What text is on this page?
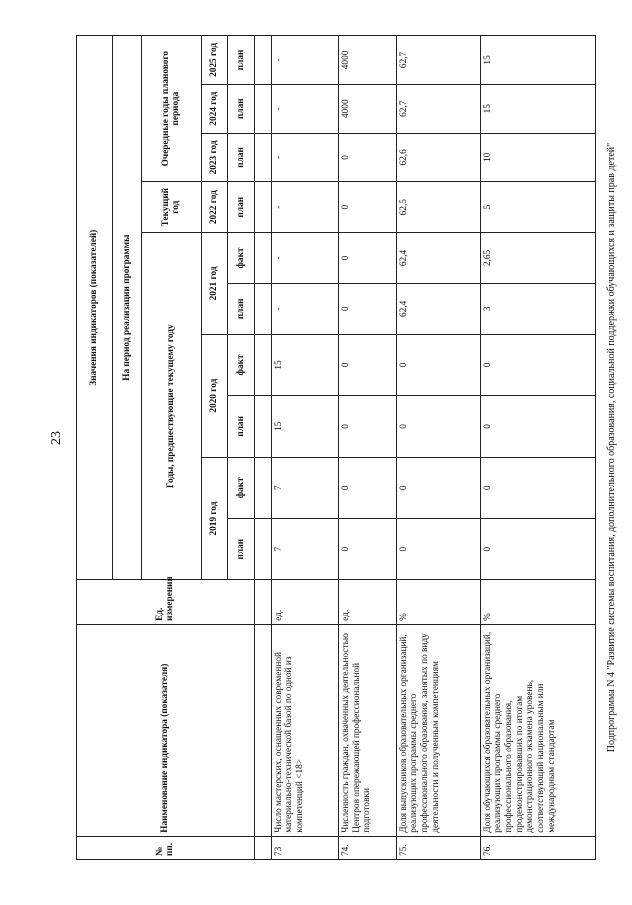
23
№ пп.	Наименование индикатора (показателя)	Ед. измерения	Значения индикаторов (показателей)									
			На период реализации программы									
			Годы, предшествующие текущему году						Текущий год	Очередные годы планового периода		
			2019 год		2020 год		2021 год		2022 год	2023 год	2024 год	2025 год
			план	факт	план	факт	план	факт	план	план	план	план

73	Число мастерских, оснащенных современной материально-технической базой по одной из компетенций <18>	ед.	7	7	15	15	-	-	-	-	-	-
74.	Численность граждан, охваченных деятельностью Центров опережающей профессиональной подготовки	ед.	0	0	0	0	0	0	0	0	4000	4000
75.	Доля выпускников образовательных организаций, реализующих программы среднего профессионального образования, занятых по виду деятельности и полученным компетенциям	%	0	0	0	0	62,4	62,4	62,5	62,6	62,7	62,7
76.	Доля обучающихся образовательных организаций, реализующих программы среднего профессионального образования, продемонстрировавших по итогам демонстрационного экзамена уровень, соответствующий национальным или международным стандартам	%	0	0	0	0	3	2,65	5	10	15	15
Подпрограмма N 4 "Развитие системы воспитания, дополнительного образования, социальной поддержки обучающихся и защиты прав детей"
